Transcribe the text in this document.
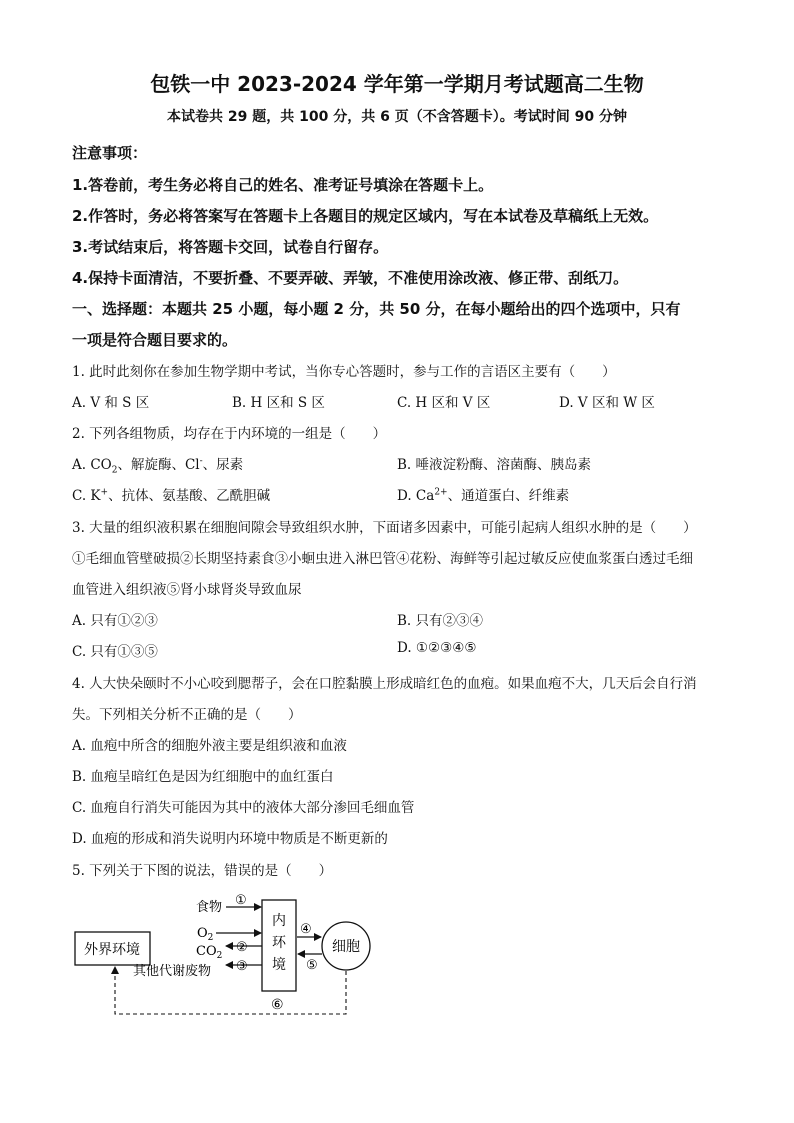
包铁一中 2023-2024 学年第一学期月考试题高二生物
本试卷共 29 题，共 100 分，共 6 页（不含答题卡）。考试时间 90 分钟
注意事项：
1.答卷前，考生务必将自己的姓名、准考证号填涂在答题卡上。
2.作答时，务必将答案写在答题卡上各题目的规定区域内，写在本试卷及草稿纸上无效。
3.考试结束后，将答题卡交回，试卷自行留存。
4.保持卡面清洁，不要折叠、不要弄破、弄皱，不准使用涂改液、修正带、刮纸刀。
一、选择题：本题共 25 小题，每小题 2 分，共 50 分，在每小题给出的四个选项中，只有
一项是符合题目要求的。
1. 此时此刻你在参加生物学期中考试，当你专心答题时，参与工作的言语区主要有（　　）
A. V 和 S 区	B. H 区和 S 区	C. H 区和 V 区	D. V 区和 W 区
2. 下列各组物质，均存在于内环境的一组是（　　）
A. $CO_2$、解旋酶、Cl-、尿素	B. 唾液淀粉酶、溶菌酶、胰岛素
C. K+、抗体、氨基酸、乙酰胆碱	D. $Ca^{2+}$、通道蛋白、纤维素
3. 大量的组织液积累在细胞间隙会导致组织水肿，下面诸多因素中，可能引起病人组织水肿的是（　　）
①毛细血管壁破损②长期坚持素食③小蛔虫进入淋巴管④花粉、海鲜等引起过敏反应使血浆蛋白透过毛细
血管进入组织液⑤肾小球肾炎导致血尿
A. 只有①②③	B. 只有②③④
C. 只有①③⑤	D. ①②③④⑤
4. 人大快朵颐时不小心咬到腮帮子，会在口腔黏膜上形成暗红色的血疱。如果血疱不大，几天后会自行消
失。下列相关分析不正确的是（　　）
A. 血疱中所含的细胞外液主要是组织液和血液
B. 血疱呈暗红色是因为红细胞中的血红蛋白
C. 血疱自行消失可能因为其中的液体大部分渗回毛细血管
D. 血疱的形成和消失说明内环境中物质是不断更新的
5. 下列关于下图的说法，错误的是（　　）
外界环境
内
环
境
细胞
食物 ①
$O_2$
$CO_2$
②
其他代谢废物 ③
④
⑤
⑥
